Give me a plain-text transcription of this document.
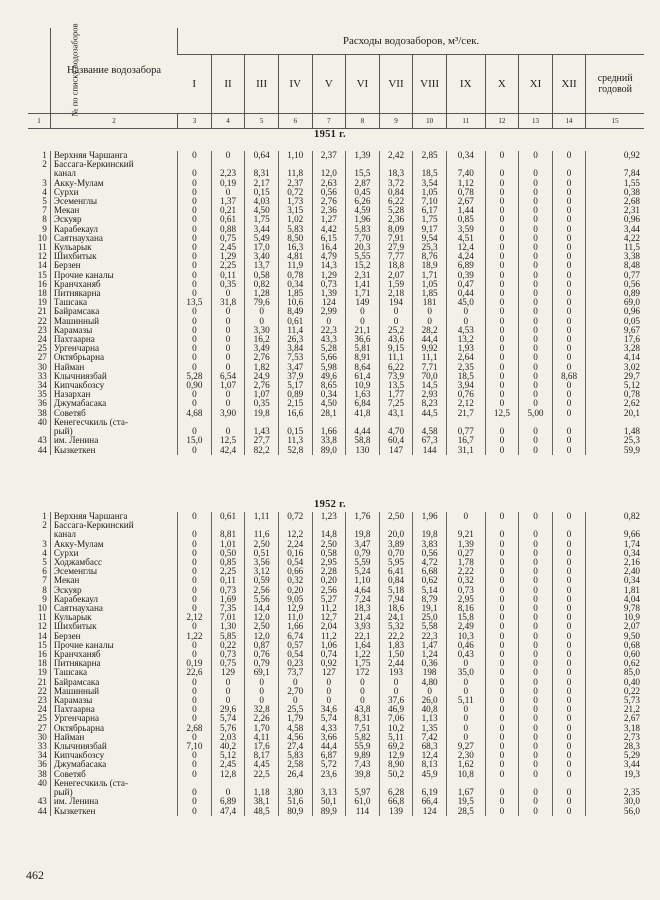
№ по списку водозаборов	Название водозабора	Расходы водозаборов, м³/сек.												
		I	II	III	IV	V	VI	VII	VIII	IX	X	XI	XII	средний годовой
1	2	3	4	5	6	7	8	9	10	11	12	13	14	15
1951 г.
1	Верхняя Чаршанга	0	0	0,64	1,10	2,37	1,39	2,42	2,85	0,34	0	0	0	0,92
2	Бассага-Керкинский													
	канал	0	2,23	8,31	11,8	12,0	15,5	18,3	18,5	7,40	0	0	0	7,84
3	Акку-Мулам	0	0,19	2,17	2,37	2,63	2,87	3,72	3,54	1,12	0	0	0	1,55
4	Сурхи	0	0	0,15	0,72	0,56	0,45	0,84	1,05	0,78	0	0	0	0,38
5	Эсеменглы	0	1,37	4,03	1,73	2,76	6,26	6,22	7,10	2,67	0	0	0	2,68
7	Мекан	0	0,21	4,50	3,15	2,36	4,59	5,28	6,17	1,44	0	0	0	2,31
8	Эскуяр	0	0,61	1,75	1,02	1,27	1,96	2,36	1,75	0,85	0	0	0	0,96
9	Карабекаул	0	0,88	3,44	5,83	4,42	5,83	8,09	9,17	3,59	0	0	0	3,44
10	Саятнаухана	0	0,75	5,49	8,50	6,15	7,70	7,91	9,54	4,51	0	0	0	4,22
11	Кульарык	0	2,45	17,0	16,3	16,4	20,3	27,9	25,3	12,4	0	0	0	11,5
12	Шихбитык	0	1,29	3,40	4,81	4,79	5,55	7,77	8,76	4,24	0	0	0	3,38
14	Берзен	0	2,25	13,7	11,9	14,3	15,2	18,8	18,9	6,89	0	0	0	8,48
15	Прочие каналы	0	0,11	0,58	0,78	1,29	2,31	2,07	1,71	0,39	0	0	0	0,77
16	Кранчханяб	0	0,35	0,82	0,34	0,73	1,41	1,59	1,05	0,47	0	0	0	0,56
18	Питнякарна	0	0	1,28	1,85	1,39	1,71	2,18	1,85	0,44	0	0	0	0,89
19	Ташсака	13,5	31,8	79,6	10,6	124	149	194	181	45,0	0	0	0	69,0
21	Байрамсака	0	0	0	8,49	2,99	0	0	0	0	0	0	0	0,96
22	Машинный	0	0	0	0,61	0	0	0	0	0	0	0	0	0,05
23	Карамазы	0	0	3,30	11,4	22,3	21,1	25,2	28,2	4,53	0	0	0	9,67
24	Пахтаарна	0	0	16,2	26,3	43,3	36,6	43,6	44,4	13,2	0	0	0	17,6
25	Ургенчарна	0	0	3,49	3,84	5,28	5,81	9,15	9,92	1,93	0	0	0	3,28
27	Октябрьарна	0	0	2,76	7,53	5,66	8,91	11,1	11,1	2,64	0	0	0	4,14
30	Найман	0	0	1,82	3,47	5,98	8,64	6,22	7,71	2,35	0	0	0	3,02
33	Клычниязбай	5,28	6,54	24,9	37,9	49,6	61,4	73,9	70,0	18,5	0	0	8,68	29,7
34	Кипчакбозсу	0,90	1,07	2,76	5,17	8,65	10,9	13,5	14,5	3,94	0	0	0	5,12
35	Назархан	0	0	1,07	0,89	0,34	1,63	1,77	2,93	0,76	0	0	0	0,78
36	Джумабасака	0	0	0,35	2,15	4,50	6,84	7,25	8,23	2,12	0	0	0	2,62
38	Советяб	4,68	3,90	19,8	16,6	28,1	41,8	43,1	44,5	21,7	12,5	5,00	0	20,1
40	Кенегесчкиль (ста-													
	рый)	0	0	1,43	0,15	1,66	4,44	4,70	4,58	0,77	0	0	0	1,48
43	им. Ленина	15,0	12,5	27,7	11,3	33,8	58,8	60,4	67,3	16,7	0	0	0	25,3
44	Кызкеткен	0	42,4	82,2	52,8	89,0	130	147	144	31,1	0	0	0	59,9
1952 г.
1	Верхняя Чаршанга	0	0,61	1,11	0,72	1,23	1,76	2,50	1,96	0	0	0	0	0,82
2	Бассага-Керкинский													
	канал	0	8,81	11,6	12,2	14,8	19,8	20,0	19,8	9,21	0	0	0	9,66
3	Акку-Мулам	0	1,01	2,50	2,24	2,50	3,47	3,89	3,83	1,39	0	0	0	1,74
4	Сурхи	0	0,50	0,51	0,16	0,58	0,79	0,70	0,56	0,27	0	0	0	0,34
5	Ходжамбасс	0	0,85	3,56	0,54	2,95	5,59	5,95	4,72	1,78	0	0	0	2,16
6	Эсеменглы	0	2,25	3,12	0,66	2,28	5,24	6,41	6,68	2,22	0	0	0	2,40
7	Мекан	0	0,11	0,59	0,32	0,20	1,10	0,84	0,62	0,32	0	0	0	0,34
8	Эскуяр	0	0,73	2,56	0,20	2,56	4,64	5,18	5,14	0,73	0	0	0	1,81
9	Карабекаул	0	1,69	5,56	9,05	5,27	7,24	7,94	8,79	2,95	0	0	0	4,04
10	Саятнаухана	0	7,35	14,4	12,9	11,2	18,3	18,6	19,1	8,16	0	0	0	9,78
11	Кульарык	2,12	7,01	12,0	11,0	12,7	21,4	24,1	25,0	15,8	0	0	0	10,9
12	Шихбитык	0	1,30	2,50	1,66	2,04	3,93	5,32	5,58	2,49	0	0	0	2,07
14	Берзен	1,22	5,85	12,0	6,74	11,2	22,1	22,2	22,3	10,3	0	0	0	9,50
15	Прочие каналы	0	0,22	0,87	0,57	1,06	1,64	1,83	1,47	0,46	0	0	0	0,68
16	Кранчханяб	0	0,73	0,76	0,54	0,74	1,22	1,50	1,24	0,43	0	0	0	0,60
18	Питнякарна	0,19	0,75	0,79	0,23	0,92	1,75	2,44	0,36	0	0	0	0	0,62
19	Ташсака	22,6	129	69,1	73,7	127	172	193	198	35,0	0	0	0	85,0
21	Байрамсака	0	0	0	0	0	0	0	4,80	0	0	0	0	0,40
22	Машинный	0	0	0	2,70	0	0	0	0	0	0	0	0	0,22
23	Карамазы	0	0	0	0	0	0	37,6	26,0	5,11	0	0	0	5,73
24	Пахтаарна	0	29,6	32,8	25,5	34,6	43,8	46,9	40,8	0	0	0	0	21,2
25	Ургенчарна	0	5,74	2,26	1,79	5,74	8,31	7,06	1,13	0	0	0	0	2,67
27	Октябрьарна	2,68	5,76	1,70	4,58	4,33	7,51	10,2	1,35	0	0	0	0	3,18
30	Найман	0	2,03	4,11	4,56	3,66	5,82	5,11	7,42	0	0	0	0	2,73
33	Клычниязбай	7,10	40,2	17,6	27,4	44,4	55,9	69,2	68,3	9,27	0	0	0	28,3
34	Кипчакбозсу	0	5,12	8,17	5,83	6,87	9,89	12,9	12,4	2,30	0	0	0	5,29
36	Джумабасака	0	2,45	4,45	2,58	5,72	7,43	8,90	8,13	1,62	0	0	0	3,44
38	Советяб	0	12,8	22,5	26,4	23,6	39,8	50,2	45,9	10,8	0	0	0	19,3
40	Кенегесчкиль (ста-													
	рый)	0	0	1,18	3,80	3,13	5,97	6,28	6,19	1,67	0	0	0	2,35
43	им. Ленина	0	6,89	38,1	51,6	50,1	61,0	66,8	66,4	19,5	0	0	0	30,0
44	Кызкеткен	0	47,4	48,5	80,9	89,9	114	139	124	28,5	0	0	0	56,0
462
